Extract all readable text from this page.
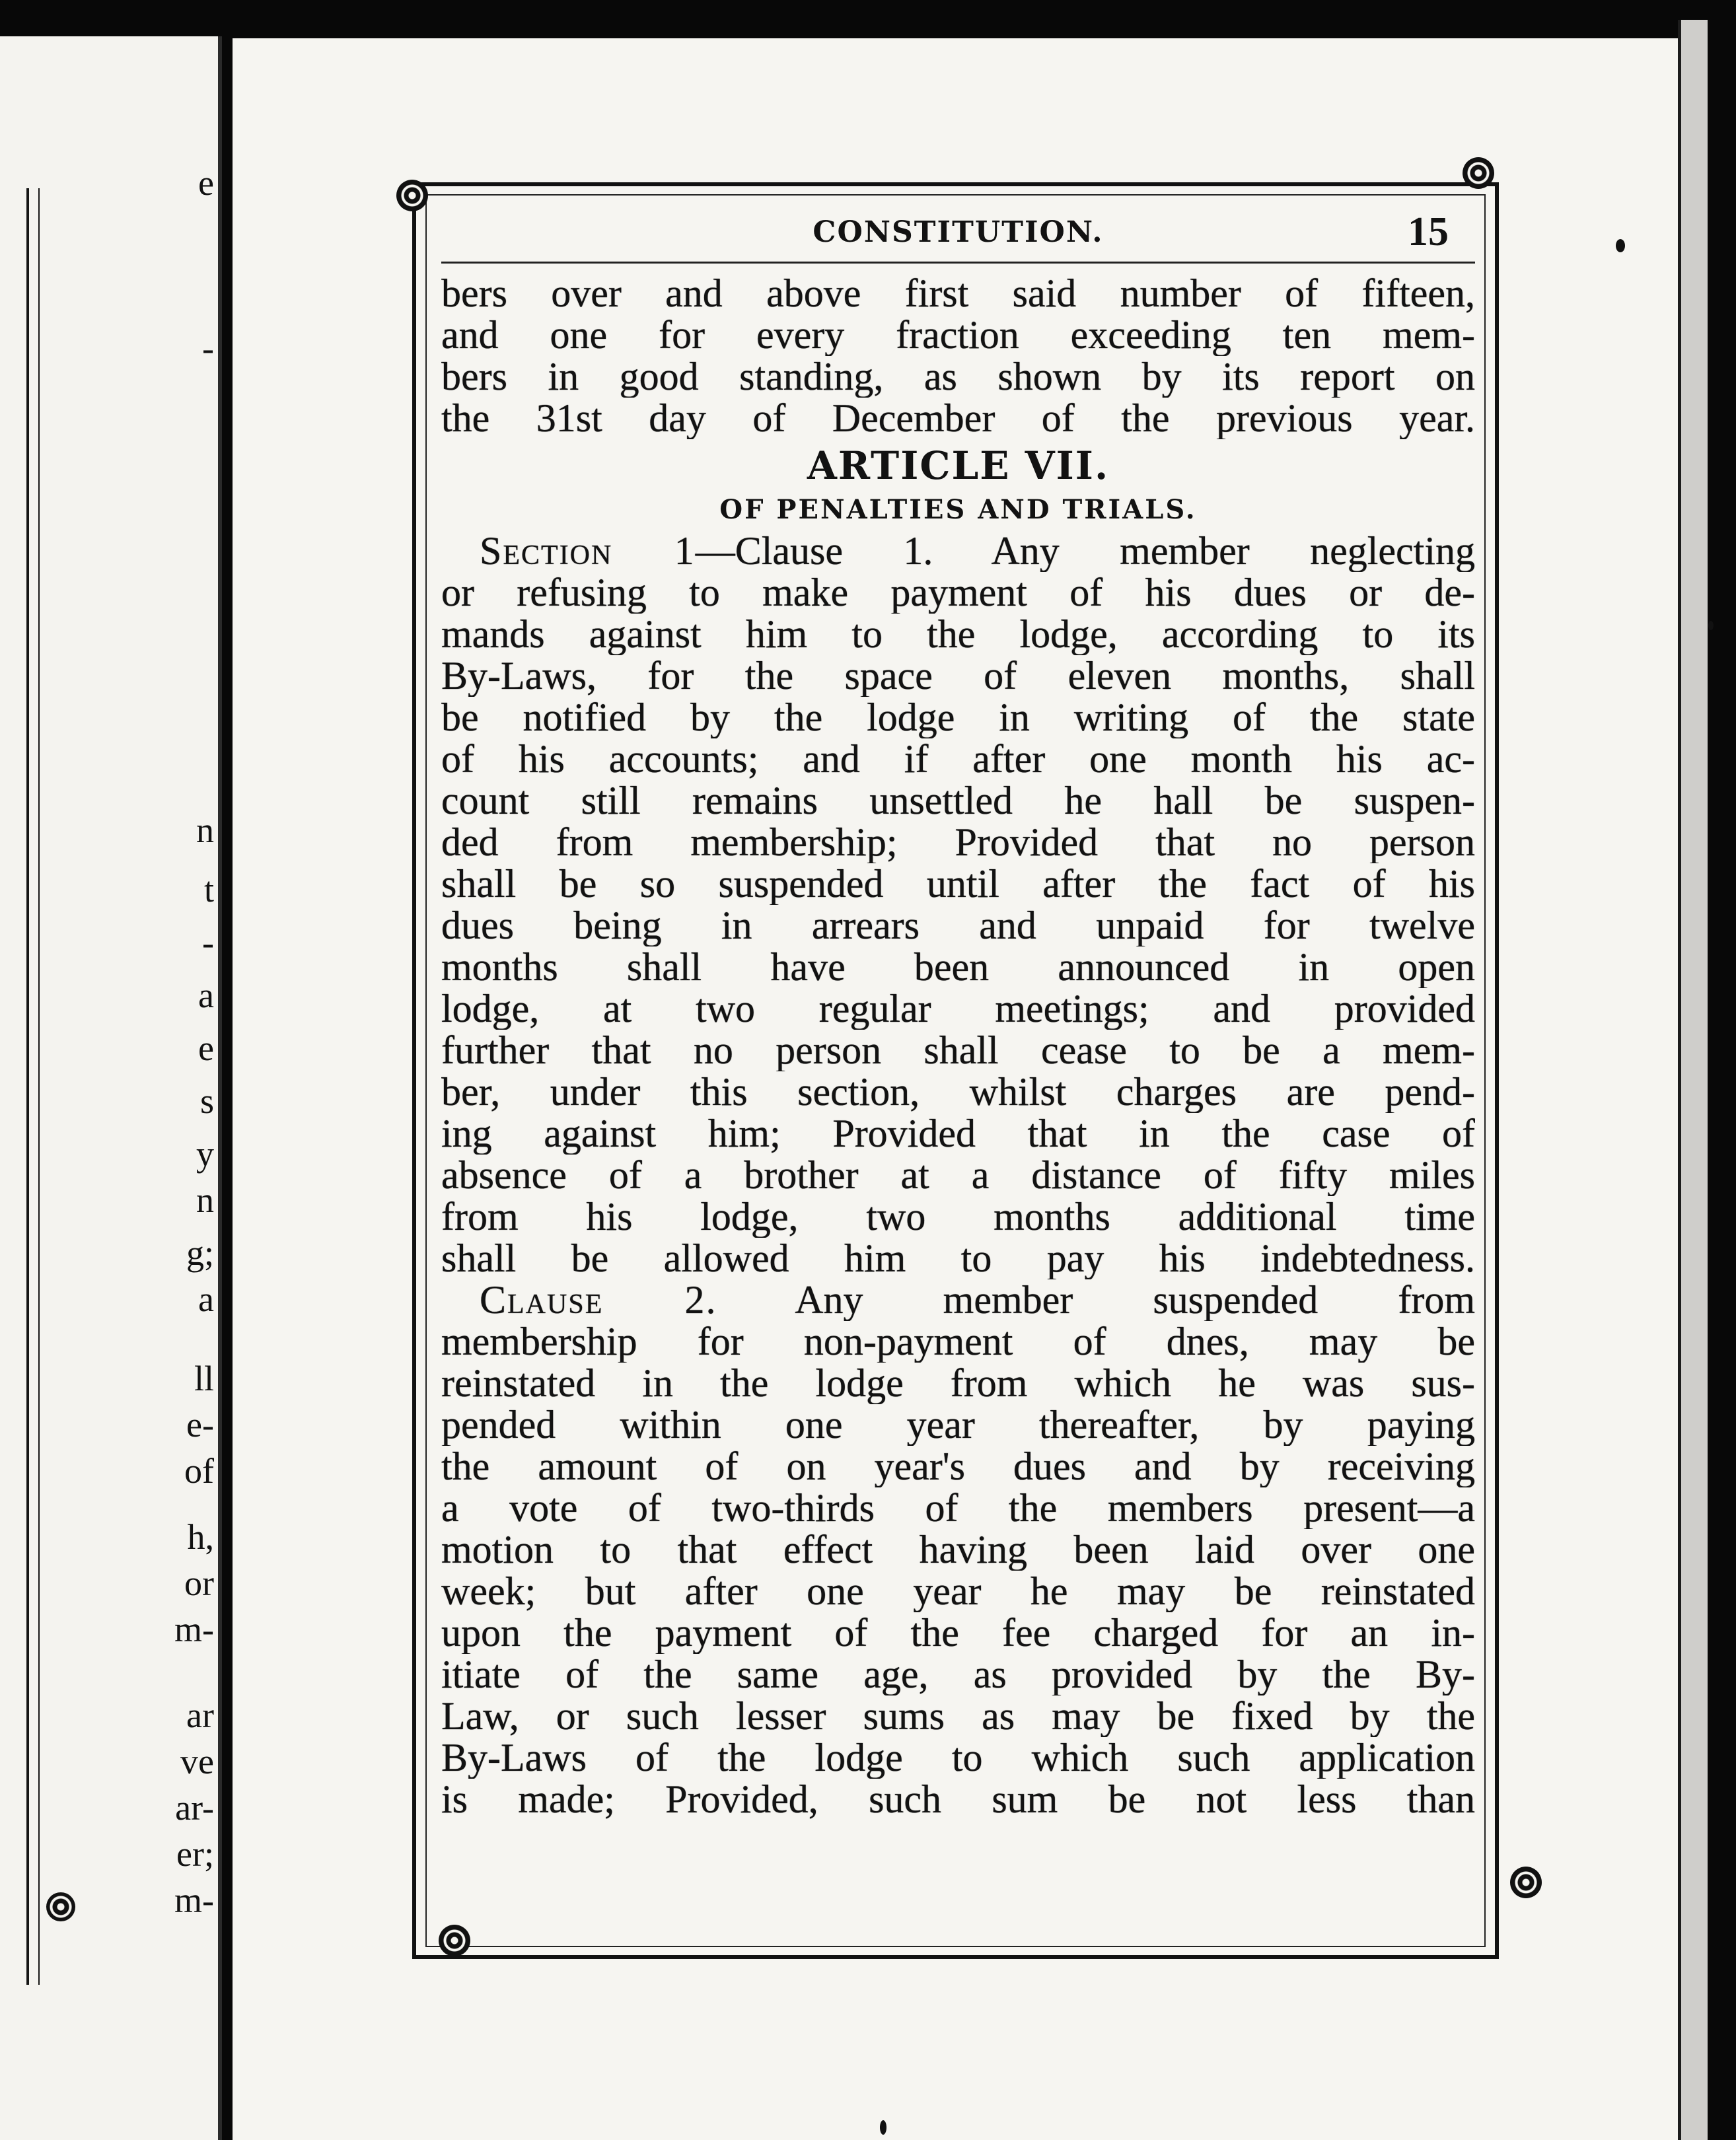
e
-
n
t
-
a
e
s
y
n
g;
a
ll
e-
of
h,
or
m-
ar
ve
ar-
er;
m-
CONSTITUTION.	15
bers over and above first said number of fifteen,
and one for every fraction exceeding ten mem-
bers in good standing, as shown by its report on
the 31st day of December of the previous year.
ARTICLE VII.
OF PENALTIES AND TRIALS.
Section 1—Clause 1. Any member neglecting
or refusing to make payment of his dues or de-
mands against him to the lodge, according to its
By-Laws, for the space of eleven months, shall
be notified by the lodge in writing of the state
of his accounts; and if after one month his ac-
count still remains unsettled he hall be suspen-
ded from membership; Provided that no person
shall be so suspended until after the fact of his
dues being in arrears and unpaid for twelve
months shall have been announced in open
lodge, at two regular meetings; and provided
further that no person shall cease to be a mem-
ber, under this section, whilst charges are pend-
ing against him; Provided that in the case of
absence of a brother at a distance of fifty miles
from his lodge, two months additional time
shall be allowed him to pay his indebtedness.
Clause 2. Any member suspended from
membership for non-payment of dnes, may be
reinstated in the lodge from which he was sus-
pended within one year thereafter, by paying
the amount of on year's dues and by receiving
a vote of two-thirds of the members present—a
motion to that effect having been laid over one
week; but after one year he may be reinstated
upon the payment of the fee charged for an in-
itiate of the same age, as provided by the By-
Law, or such lesser sums as may be fixed by the
By-Laws of the lodge to which such application
is made; Provided, such sum be not less than
